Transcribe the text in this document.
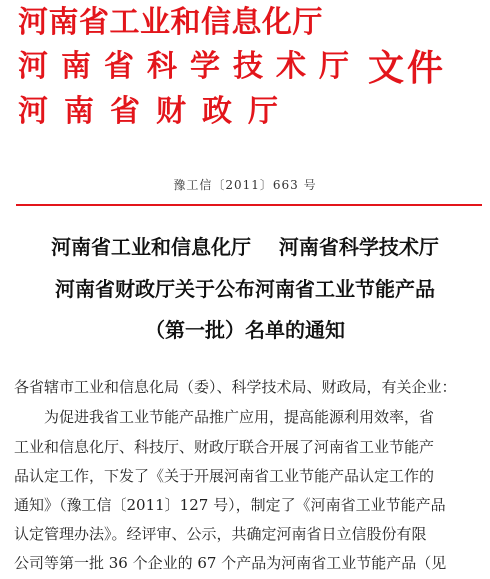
河南省工业和信息化厅
河南省科学技术厅
河南省财政厅
文件
豫工信〔2011〕663 号
河南省工业和信息化厅    河南省科学技术厅
河南省财政厅关于公布河南省工业节能产品
（第一批）名单的通知
各省辖市工业和信息化局（委）、科学技术局、财政局，有关企业：
为促进我省工业节能产品推广应用，提高能源利用效率，省
工业和信息化厅、科技厅、财政厅联合开展了河南省工业节能产
品认定工作，下发了《关于开展河南省工业节能产品认定工作的
通知》（豫工信〔2011〕127 号），制定了《河南省工业节能产品
认定管理办法》。经评审、公示，共确定河南省日立信股份有限
公司等第一批 36 个企业的 67 个产品为河南省工业节能产品（见
